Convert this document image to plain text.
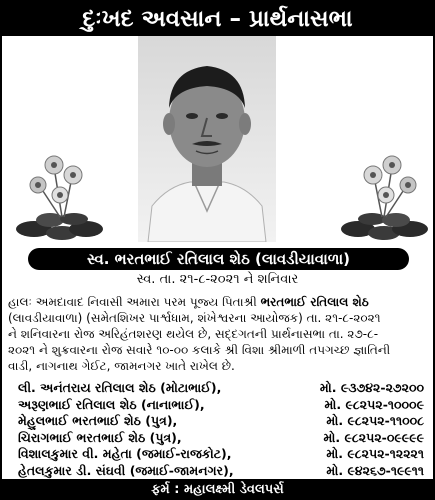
દુઃખદ અવસાન – પ્રાર્થનાસભા
સ્વ. ભરતભાઈ રતિલાલ શેઠ (લાવડીયાવાળા)
સ્વ. તા. ૨૧-૮-૨૦૨૧ ને શનિવાર
હાલઃ અમદાવાદ નિવાસી અમારા પરમ પૂજ્ય પિતાશ્રી ભરતભાઈ રતિલાલ શેઠ
(લાવડીયાવાળા) (સમેતશિખર પાર્શ્વધામ, શંખેશ્વરના આયોજક) તા. ૨૧-૮-૨૦૨૧
ને શનિવારના રોજ અરિહંતશરણ થયેલ છે, સદ્દગતની પ્રાર્થનાસભા તા. ૨૭-૮-
૨૦૨૧ ને શુક્રવારના રોજ સવારે ૧૦-૦૦ કલાકે શ્રી વિશા શ્રીમાળી તપગચ્છ જ્ઞાતિની
વાડી, નાગનાથ ગેઈટ, જામનગર ખાતે રાખેલ છે.
લી. અનંતરાય રતિલાલ શેઠ (મોટાભાઈ),	મો. ૯૩૭૪૨-૨૭૨૦૦
અરૂણભાઈ રતિલાલ શેઠ (નાનાભાઈ),	મો. ૯૮૨૫૨-૧૦૦૦૯
મેહુલભાઈ ભરતભાઈ શેઠ (પુત્ર),	મો. ૯૮૨૫૨-૧૧૦૦૮
ચિરાગભાઈ ભરતભાઈ શેઠ (પુત્ર),	મો. ૯૮૨૫૨-૦૯૯૯૯
વિશાલકુમાર વી. મહેતા (જમાઈ-રાજકોટ),	મો. ૯૮૨૫૨-૧૨૨૨૧
હેતલકુમાર ડી. સંઘવી (જમાઈ-જામનગર),	મો. ૯૪૨૬૭-૧૯૯૧૧
ફર્મ : મહાલક્ષ્મી ડેવલપર્સ
